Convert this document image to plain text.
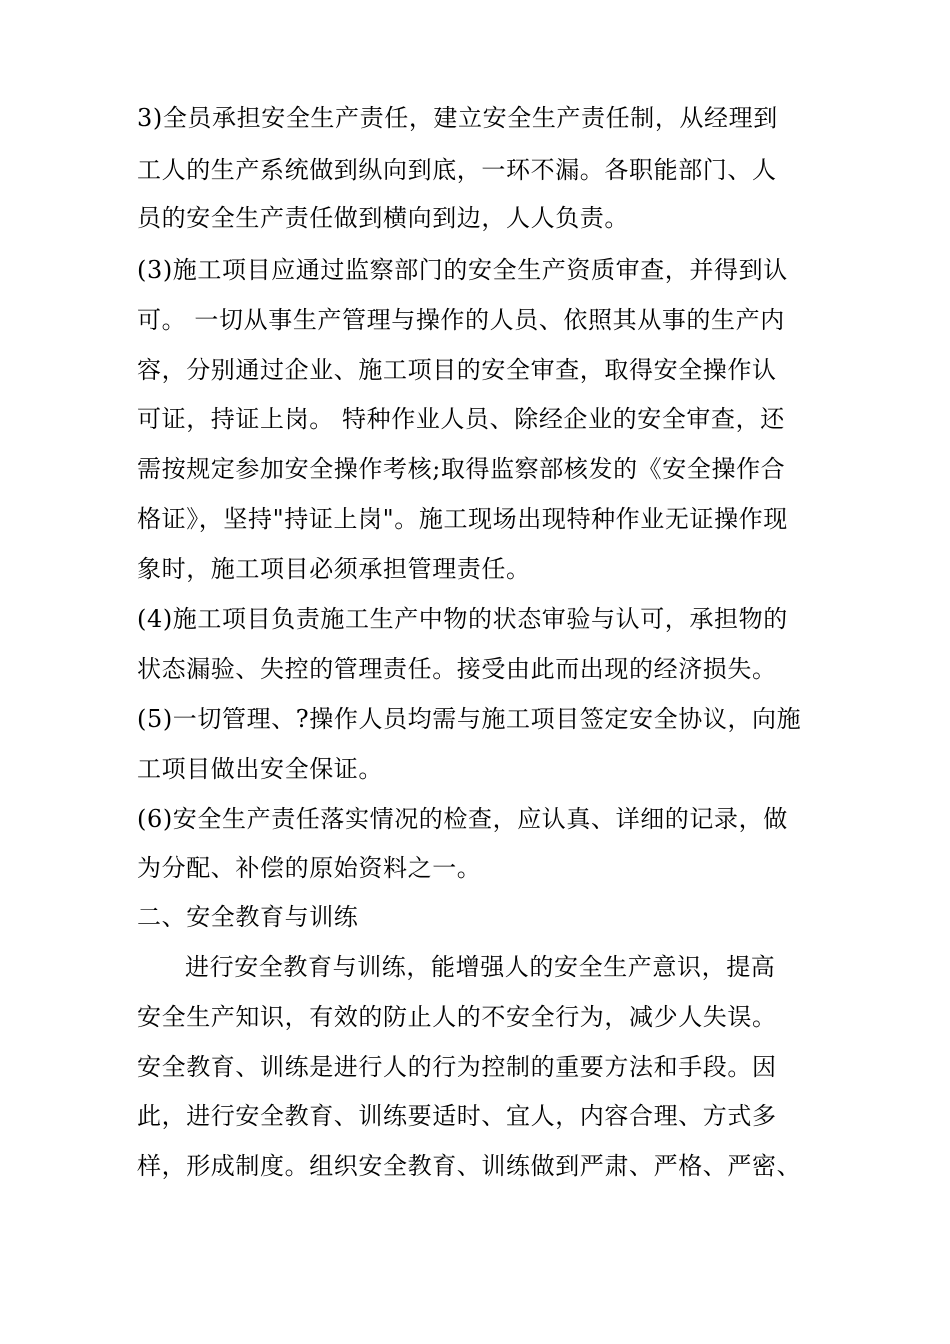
3)全员承担安全生产责任，建立安全生产责任制，从经理到
工人的生产系统做到纵向到底，一环不漏。各职能部门、人
员的安全生产责任做到横向到边，人人负责。
(3)施工项目应通过监察部门的安全生产资质审查，并得到认
可。 一切从事生产管理与操作的人员、依照其从事的生产内
容，分别通过企业、施工项目的安全审查，取得安全操作认
可证，持证上岗。 特种作业人员、除经企业的安全审查，还
需按规定参加安全操作考核;取得监察部核发的《安全操作合
格证》，坚持"持证上岗"。施工现场出现特种作业无证操作现
象时，施工项目必须承担管理责任。
(4)施工项目负责施工生产中物的状态审验与认可，承担物的
状态漏验、失控的管理责任。接受由此而出现的经济损失。
(5)一切管理、?操作人员均需与施工项目签定安全协议，向施
工项目做出安全保证。
(6)安全生产责任落实情况的检查，应认真、详细的记录，做
为分配、补偿的原始资料之一。
二、安全教育与训练
进行安全教育与训练，能增强人的安全生产意识，提高
安全生产知识，有效的防止人的不安全行为，减少人失误。
安全教育、训练是进行人的行为控制的重要方法和手段。因
此，进行安全教育、训练要适时、宜人，内容合理、方式多
样，形成制度。组织安全教育、训练做到严肃、严格、严密、
